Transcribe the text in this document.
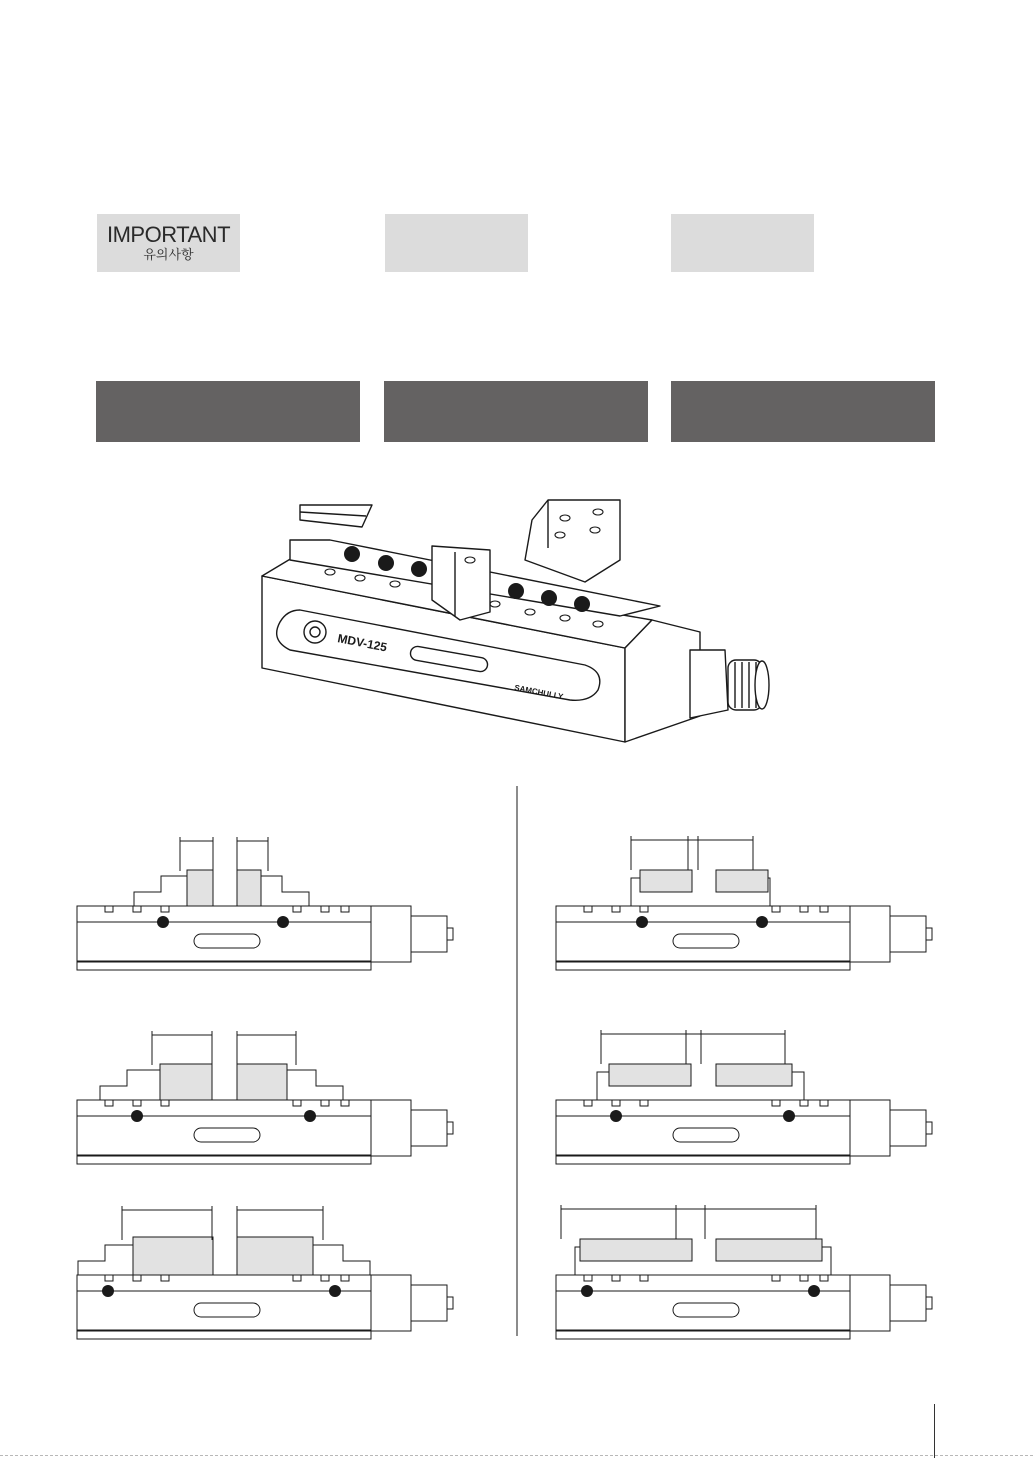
IMPORTANT
유의사항
MDV-125
SAMCHULLY
